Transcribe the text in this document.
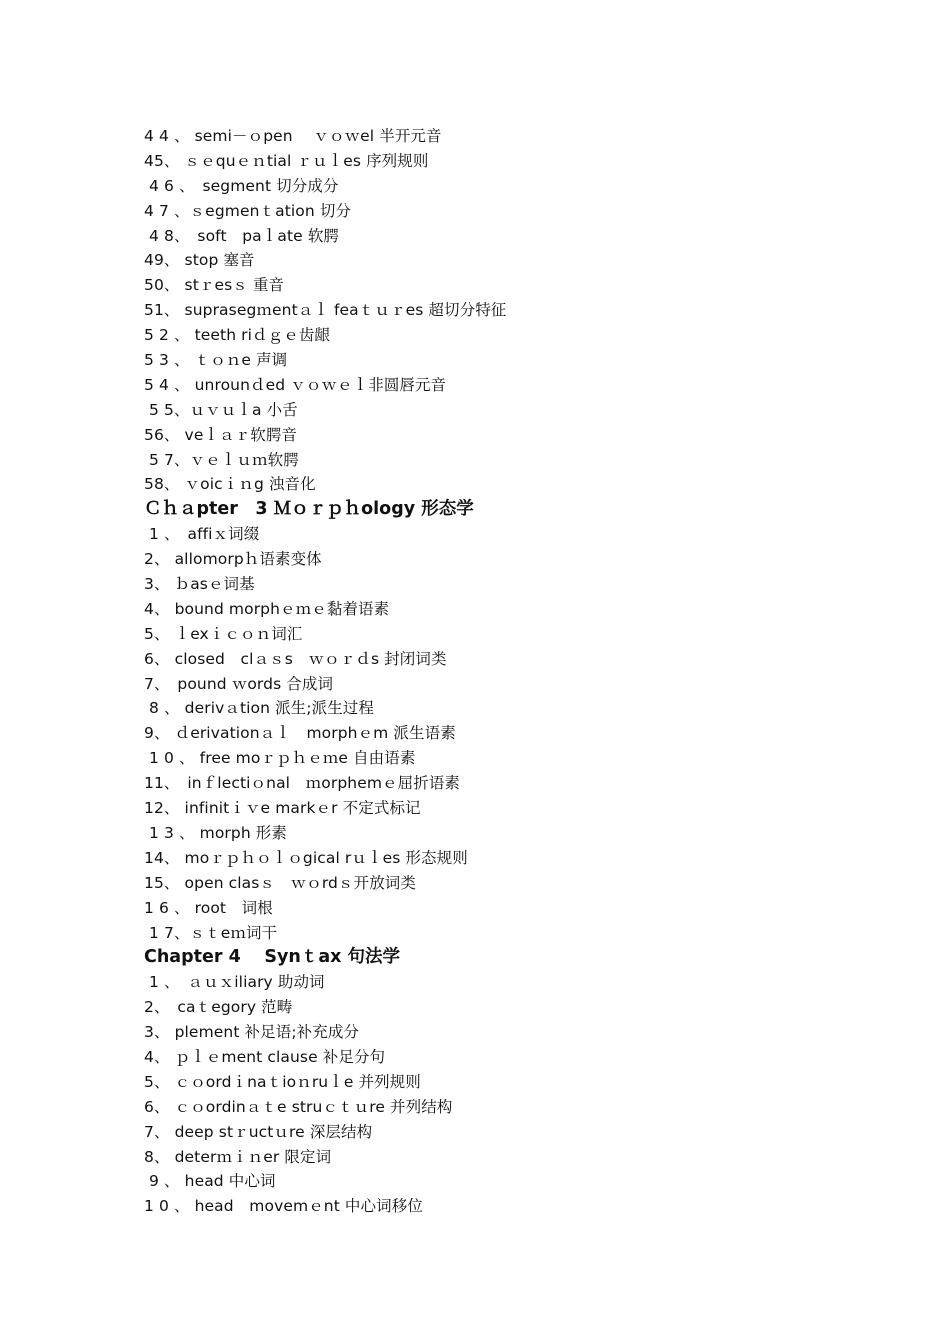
4 4 、 semi－ｏpen　 ｖｏｗel 半开元音
45、 ｓｅquｅｎtial ｒｕｌes 序列规则
4 6 、　segment 切分成分
4 7 、ｓegmenｔation 切分
4 8、　soft　paｌate 软腭
49、 stop 塞音
50、 stｒesｓ 重音
51、 suprasegｍentａｌ feaｔｕｒes 超切分特征
5 2 、 teeth riｄｇｅ齿龈
5 3 、 ｔｏｎe 声调
5 4 、 unrounｄed ｖｏｗｅｌ非圆唇元音
5 5、ｕｖｕｌa 小舌
56、 veｌａｒ软腭音
5 7、ｖｅｌｕｍ软腭
58、 ｖoicｉｎg 浊音化
Ｃｈａpter　3 Ｍｏｒｐｈology 形态学
1 、　affiｘ词缀
2、 allomorpｈ语素变体
3、 ｂasｅ词基
4、 bound morphｅｍｅ黏着语素
5、 ｌexｉｃｏｎ词汇
6、 closed　clａｓs　ｗｏｒｄs 封闭词类
7、　pound ｗords 合成词
8 、 derivａtion 派生;派生过程
9、 ｄerivationａｌ　morphｅm 派生语素
1 0 、 free moｒｐｈｅｍe 自由语素
11、　inｆlectiｏnal　ｍorphemｅ屈折语素
12、 infinitｉｖe markｅr 不定式标记
1 3 、 morph 形素
14、 moｒｐｈｏｌｏgical rｕｌes 形态规则
15、 open clasｓ　ｗｏrdｓ开放词类
1 6 、 root　词根
1 7、ｓｔeｍ词干
Chapter 4　 Synｔax 句法学
1 、　ａｕｘiliary 助动词
2、　caｔegory 范畴
3、 plement 补足语;补充成分
4、 ｐｌｅment clause 补足分句
5、 ｃｏordｉnaｔioｎruｌe 并列规则
6、 ｃｏordinａｔe struｃｔｕre 并列结构
7、 deep stｒuctｕre 深层结构
8、 deterｍｉｎer 限定词
9 、 head 中心词
1 0 、 head　movemｅnt 中心词移位
